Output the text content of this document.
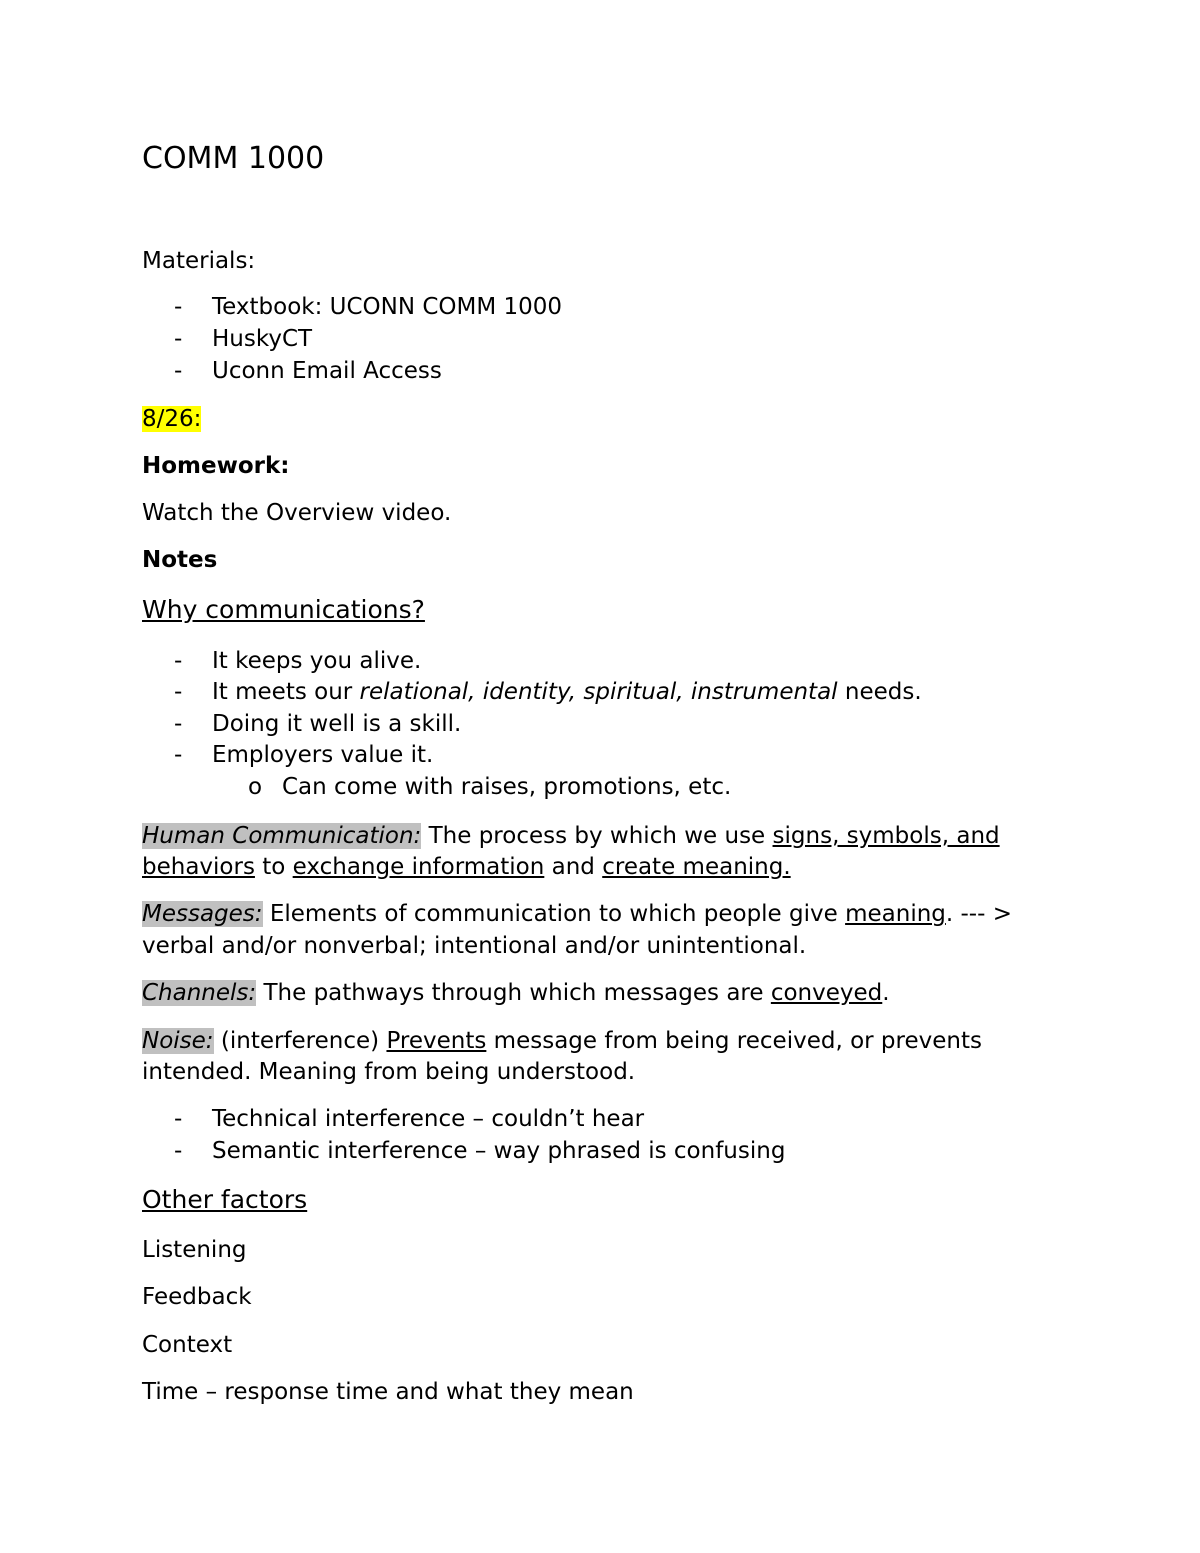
COMM 1000
Materials:
- Textbook: UCONN COMM 1000
- HuskyCT
- Uconn Email Access
8/26:
Homework:
Watch the Overview video.
Notes
Why communications?
- It keeps you alive.
- It meets our relational, identity, spiritual, instrumental needs.
- Doing it well is a skill.
- Employers value it.
o Can come with raises, promotions, etc.
Human Communication: The process by which we use signs, symbols, and
behaviors to exchange information and create meaning.
Messages: Elements of communication to which people give meaning. --- >
verbal and/or nonverbal; intentional and/or unintentional.
Channels: The pathways through which messages are conveyed.
Noise: (interference) Prevents message from being received, or prevents
intended. Meaning from being understood.
- Technical interference – couldn’t hear
- Semantic interference – way phrased is confusing
Other factors
Listening
Feedback
Context
Time – response time and what they mean
